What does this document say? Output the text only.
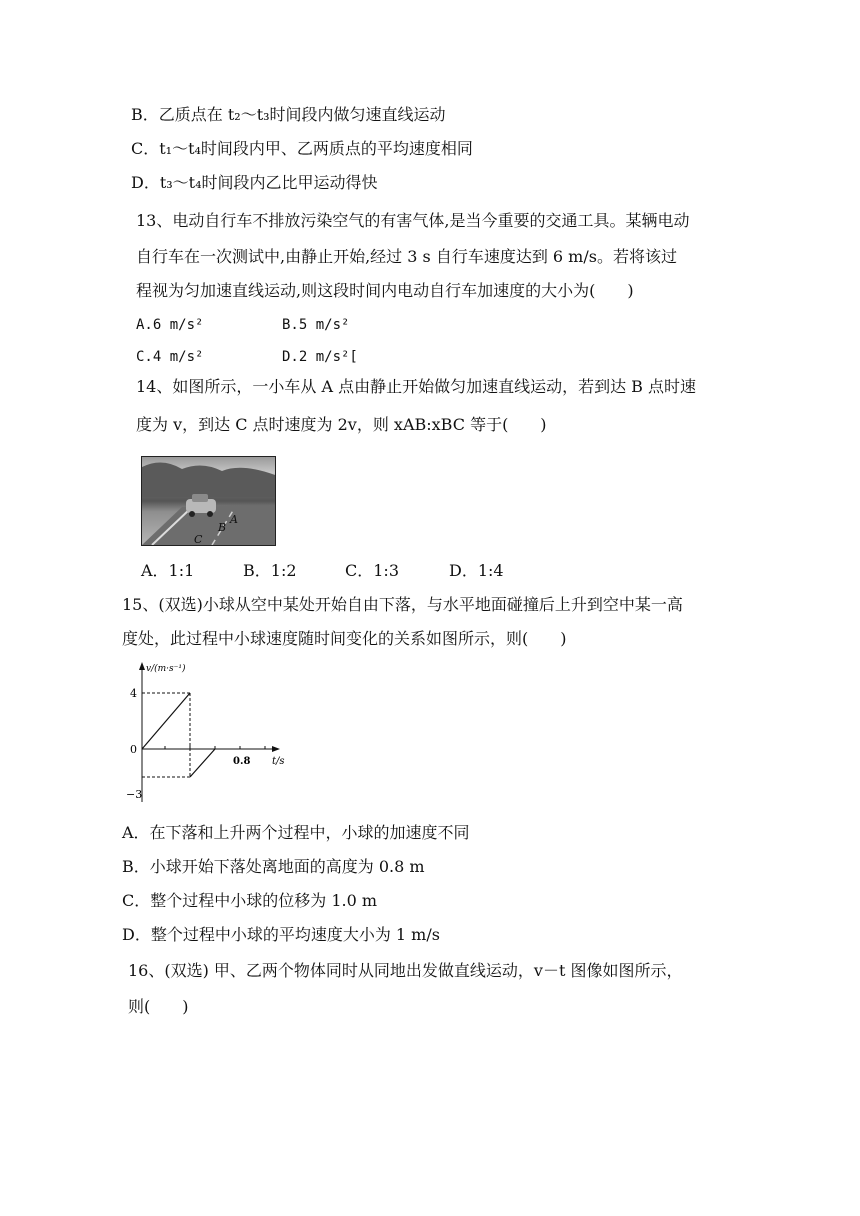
B．乙质点在 t₂～t₃时间段内做匀速直线运动
C．t₁～t₄时间段内甲、乙两质点的平均速度相同
D．t₃～t₄时间段内乙比甲运动得快
13、电动自行车不排放污染空气的有害气体,是当今重要的交通工具。某辆电动
自行车在一次测试中,由静止开始,经过 3 s 自行车速度达到 6 m/s。若将该过
程视为匀加速直线运动,则这段时间内电动自行车加速度的大小为(　　)
A.6 m/s²	B.5 m/s²
C.4 m/s²	D.2 m/s²[
14、如图所示，一小车从 A 点由静止开始做匀加速直线运动，若到达 B 点时速
度为 v，到达 C 点时速度为 2v，则 xAB:xBC 等于(　　)
A
B
C
A．1:1	B．1:2	C．1:3	D．1:4
15、(双选)小球从空中某处开始自由下落，与水平地面碰撞后上升到空中某一高
度处，此过程中小球速度随时间变化的关系如图所示，则(　　)
v/(m·s⁻¹)
t/s
4
0
−3
0.8
A．在下落和上升两个过程中，小球的加速度不同
B．小球开始下落处离地面的高度为 0.8 m
C．整个过程中小球的位移为 1.0 m
D．整个过程中小球的平均速度大小为 1 m/s
16、(双选) 甲、乙两个物体同时从同地出发做直线运动，v－t 图像如图所示，
则(　　)
